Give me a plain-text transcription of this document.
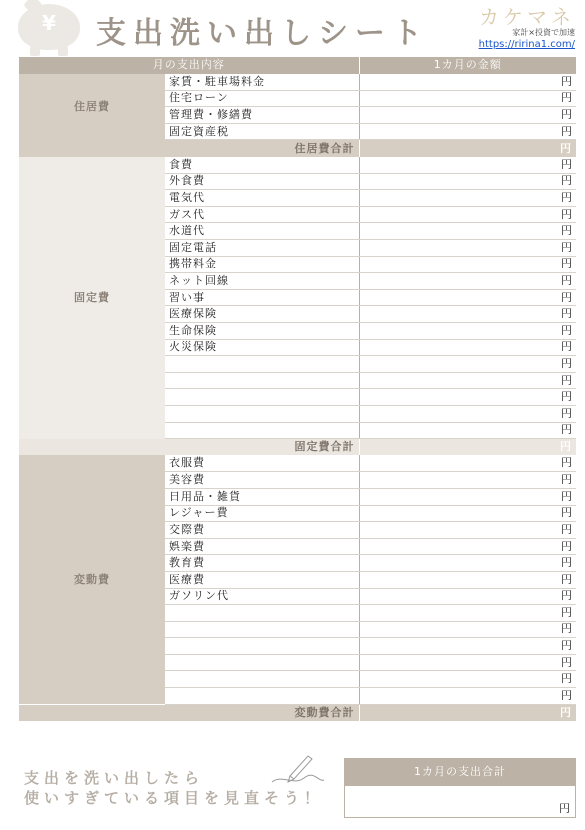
¥	支出洗い出しシート	カケマネ
家計×投資で加速
https://ririna1.com/
月の支出内容		1カ月の金額
住居費	家賃・駐車場料金	円
	住宅ローン	円
	管理費・修繕費	円
	固定資産税	円
住居費合計		円
固定費	食費	円
	外食費	円
	電気代	円
	ガス代	円
	水道代	円
	固定電話	円
	携帯料金	円
	ネット回線	円
	習い事	円
	医療保険	円
	生命保険	円
	火災保険	円
		円
		円
		円
		円
		円
固定費合計		円
変動費	衣服費	円
	美容費	円
	日用品・雑貨	円
	レジャー費	円
	交際費	円
	娯楽費	円
	教育費	円
	医療費	円
	ガソリン代	円
		円
		円
		円
		円
		円
		円
変動費合計		円
支出を洗い出したら
使いすぎている項目を見直そう！
1カ月の支出合計
円
